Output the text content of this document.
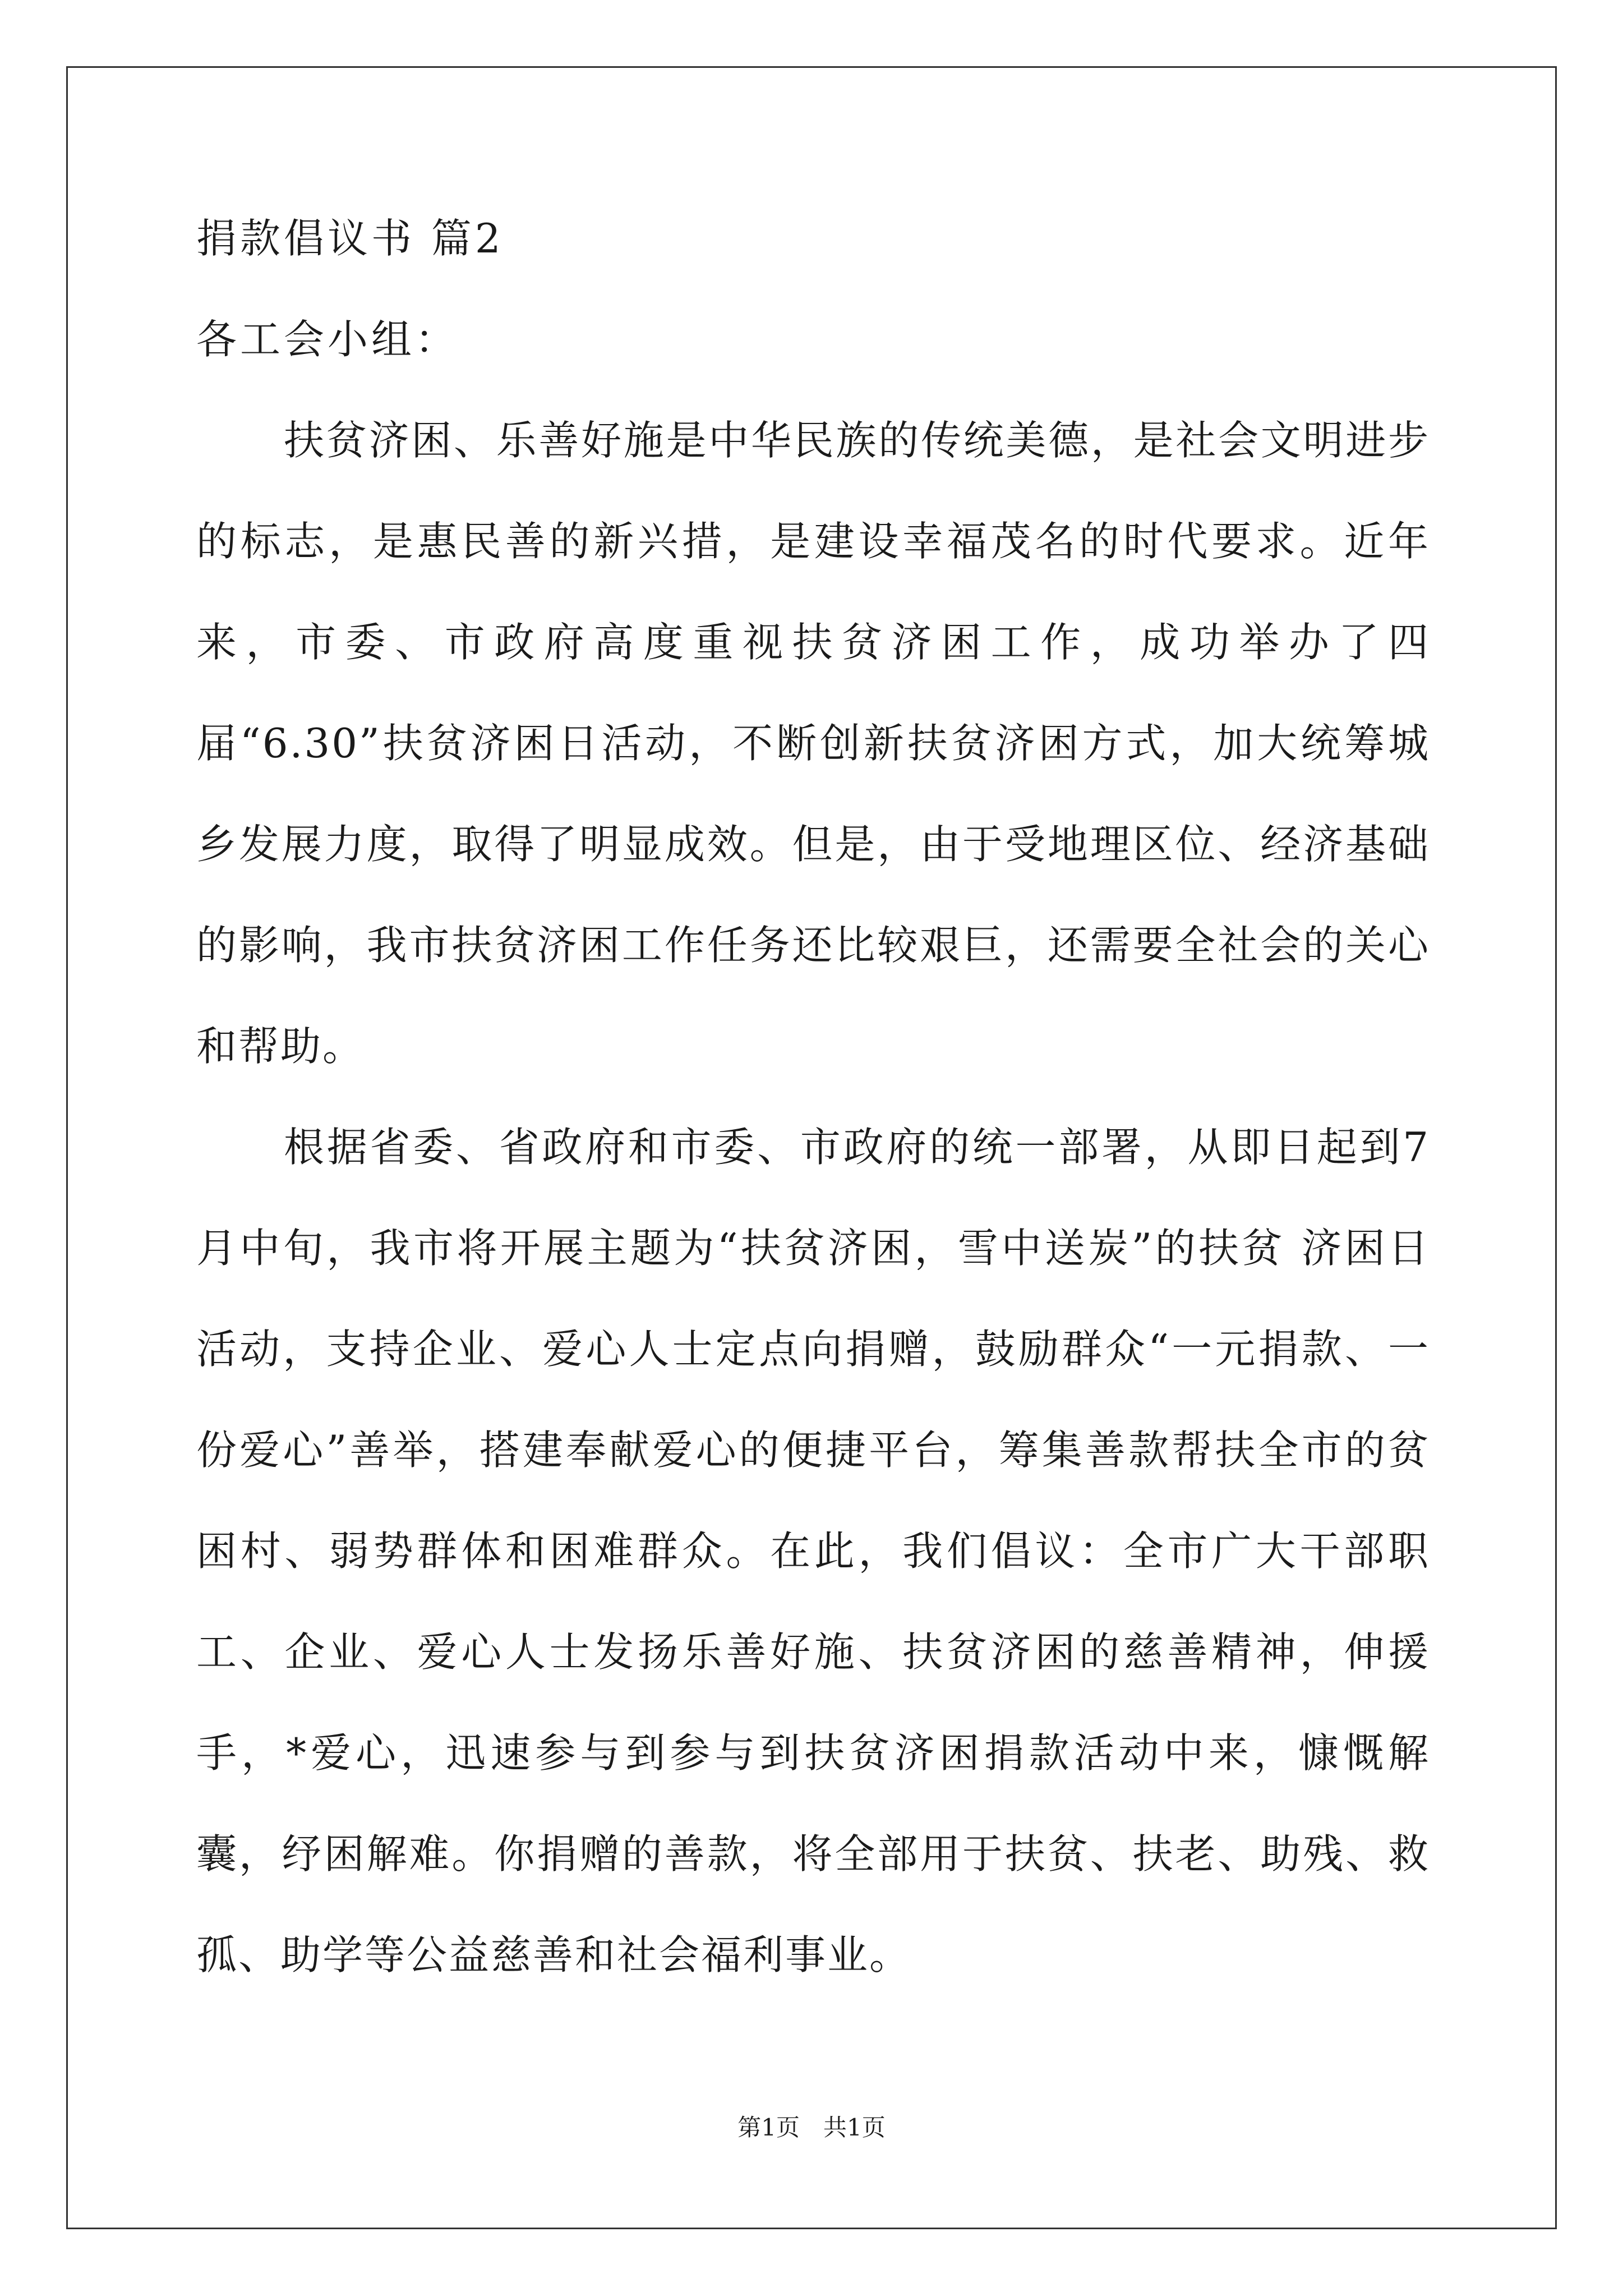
捐款倡议书 篇2
各工会小组：

扶贫济困、乐善好施是中华民族的传统美德，是社会文明进步的标志，是惠民善的新兴措，是建设幸福茂名的时代要求。近年来，市委、市政府高度重视扶贫济困工作，成功举办了四届“6.30”扶贫济困日活动，不断创新扶贫济困方式，加大统筹城乡发展力度，取得了明显成效。但是，由于受地理区位、经济基础的影响，我市扶贫济困工作任务还比较艰巨，还需要全社会的关心和帮助。

根据省委、省政府和市委、市政府的统一部署，从即日起到7月中旬，我市将开展主题为“扶贫济困，雪中送炭”的扶贫 济困日活动，支持企业、爱心人士定点向捐赠，鼓励群众“一元捐款、一份爱心”善举，搭建奉献爱心的便捷平台，筹集善款帮扶全市的贫困村、弱势群体和困难群众。在此，我们倡议：全市广大干部职工、企业、爱心人士发扬乐善好施、扶贫济困的慈善精神，伸援手，*爱心，迅速参与到参与到扶贫济困捐款活动中来，慷慨解囊，纾困解难。你捐赠的善款，将全部用于扶贫、扶老、助残、救孤、助学等公益慈善和社会福利事业。

第1页　共1页
